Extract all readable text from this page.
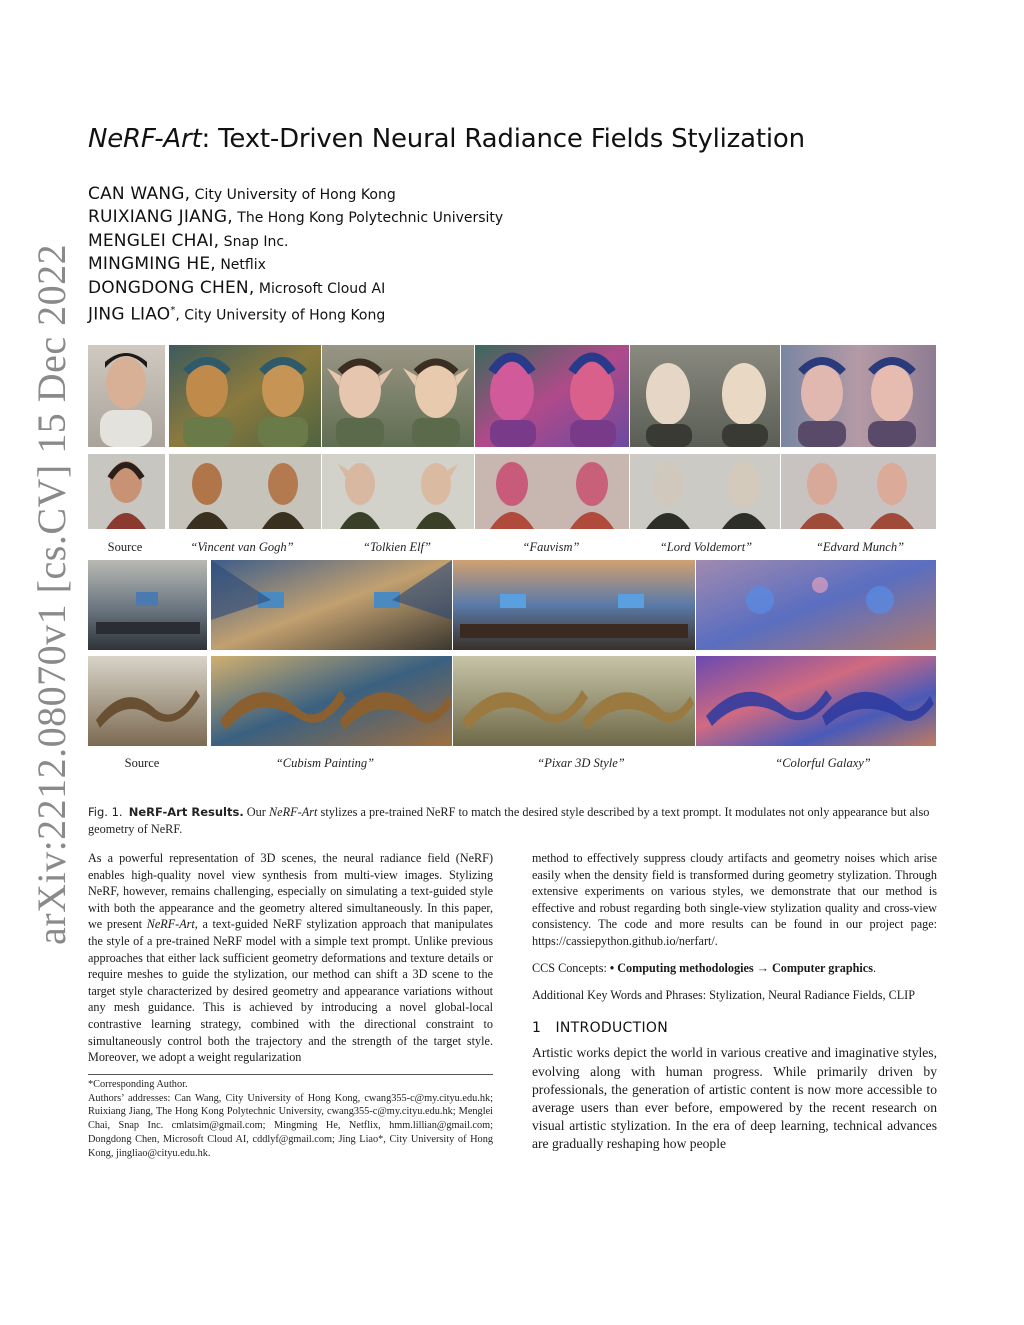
arXiv:2212.08070v1 [cs.CV] 15 Dec 2022
NeRF-Art: Text-Driven Neural Radiance Fields Stylization
CAN WANG, City University of Hong Kong
RUIXIANG JIANG, The Hong Kong Polytechnic University
MENGLEI CHAI, Snap Inc.
MINGMING HE, Netflix
DONGDONG CHEN, Microsoft Cloud AI
JING LIAO*, City University of Hong Kong
Source	“Vincent van Gogh”	“Tolkien Elf”	“Fauvism”	“Lord Voldemort”	“Edvard Munch”
Source	“Cubism Painting”	“Pixar 3D Style”	“Colorful Galaxy”
Fig. 1. NeRF-Art Results. Our NeRF-Art stylizes a pre-trained NeRF to match the desired style described by a text prompt. It modulates not only appearance but also geometry of NeRF.

As a powerful representation of 3D scenes, the neural radiance field (NeRF) enables high-quality novel view synthesis from multi-view images. Stylizing NeRF, however, remains challenging, especially on simulating a text-guided style with both the appearance and the geometry altered simultaneously. In this paper, we present NeRF-Art, a text-guided NeRF stylization approach that manipulates the style of a pre-trained NeRF model with a simple text prompt. Unlike previous approaches that either lack sufficient geometry deformations and texture details or require meshes to guide the stylization, our method can shift a 3D scene to the target style characterized by desired geometry and appearance variations without any mesh guidance. This is achieved by introducing a novel global-local contrastive learning strategy, combined with the directional constraint to simultaneously control both the trajectory and the strength of the target style. Moreover, we adopt a weight regularization

*Corresponding Author.

Authors’ addresses: Can Wang, City University of Hong Kong, cwang355-c@my.cityu.edu.hk; Ruixiang Jiang, The Hong Kong Polytechnic University, cwang355-c@my.cityu.edu.hk; Menglei Chai, Snap Inc. cmlatsim@gmail.com; Mingming He, Netflix, hmm.lillian@gmail.com; Dongdong Chen, Microsoft Cloud AI, cddlyf@gmail.com; Jing Liao*, City University of Hong Kong, jingliao@cityu.edu.hk.

method to effectively suppress cloudy artifacts and geometry noises which arise easily when the density field is transformed during geometry stylization. Through extensive experiments on various styles, we demonstrate that our method is effective and robust regarding both single-view stylization quality and cross-view consistency. The code and more results can be found in our project page: https://cassiepython.github.io/nerfart/.

CCS Concepts: • Computing methodologies → Computer graphics.

Additional Key Words and Phrases: Stylization, Neural Radiance Fields, CLIP

1 INTRODUCTION

Artistic works depict the world in various creative and imaginative styles, evolving along with human progress. While primarily driven by professionals, the generation of artistic content is now more accessible to average users than ever before, empowered by the recent research on visual artistic stylization. In the era of deep learning, technical advances are gradually reshaping how people
